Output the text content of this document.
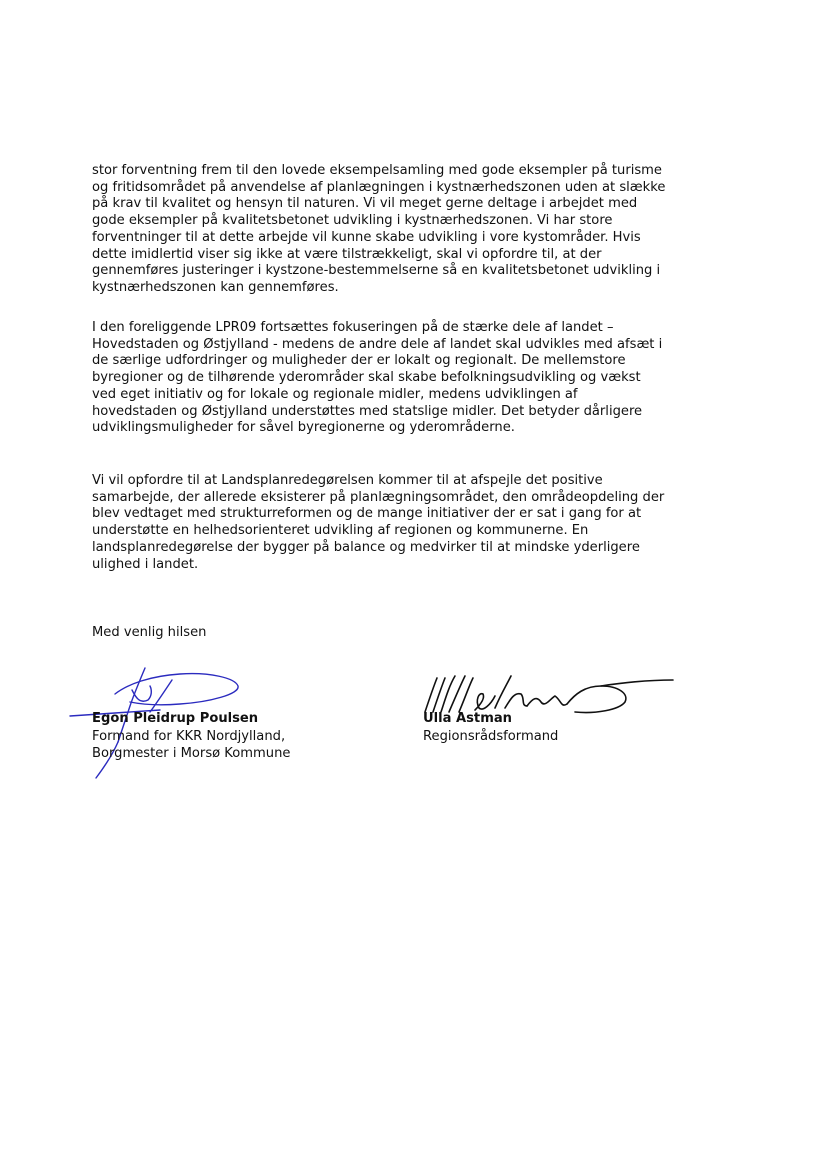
stor forventning frem til den lovede eksempelsamling med gode eksempler på turisme
og fritidsområdet på anvendelse af planlægningen i kystnærhedszonen uden at slække
på krav til kvalitet og hensyn til naturen. Vi vil meget gerne deltage i arbejdet med
gode eksempler på kvalitetsbetonet udvikling i kystnærhedszonen. Vi har store
forventninger til at dette arbejde vil kunne skabe udvikling i vore kystområder. Hvis
dette imidlertid viser sig ikke at være tilstrækkeligt, skal vi opfordre til, at der
gennemføres justeringer i kystzone-bestemmelserne så en kvalitetsbetonet udvikling i
kystnærhedszonen kan gennemføres.

I den foreliggende LPR09 fortsættes fokuseringen på de stærke dele af landet –
Hovedstaden og Østjylland - medens de andre dele af landet skal udvikles med afsæt i
de særlige udfordringer og muligheder der er lokalt og regionalt. De mellemstore
byregioner og de tilhørende yderområder skal skabe befolkningsudvikling og vækst
ved eget initiativ og for lokale og regionale midler, medens udviklingen af
hovedstaden og Østjylland understøttes med statslige midler. Det betyder dårligere
udviklingsmuligheder for såvel byregionerne og yderområderne.

Vi vil opfordre til at Landsplanredegørelsen kommer til at afspejle det positive
samarbejde, der allerede eksisterer på planlægningsområdet, den områdeopdeling der
blev vedtaget med strukturreformen og de mange initiativer der er sat i gang for at
understøtte en helhedsorienteret udvikling af regionen og kommunerne. En
landsplanredegørelse der bygger på balance og medvirker til at mindske yderligere
ulighed i landet.

Med venlig hilsen

Egon Pleidrup Poulsen
Formand for KKR Nordjylland,
Borgmester i Morsø Kommune
Ulla Astman
Regionsrådsformand
